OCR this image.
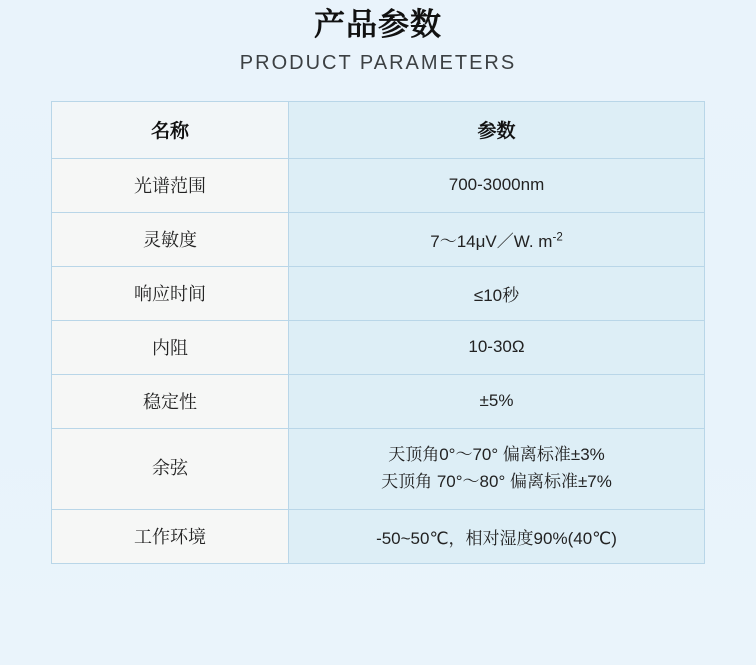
产品参数
PRODUCT PARAMETERS
名称	参数
光谱范围	700-3000nm
灵敏度	7～14μV／W. $m^{-2}$
响应时间	≤10秒
内阻	10-30Ω
稳定性	±5%
余弦	天顶角0°～70° 偏离标准±3%
天顶角 70°～80° 偏离标准±7%

工作环境	-50~50℃，相对湿度90%(40℃)
